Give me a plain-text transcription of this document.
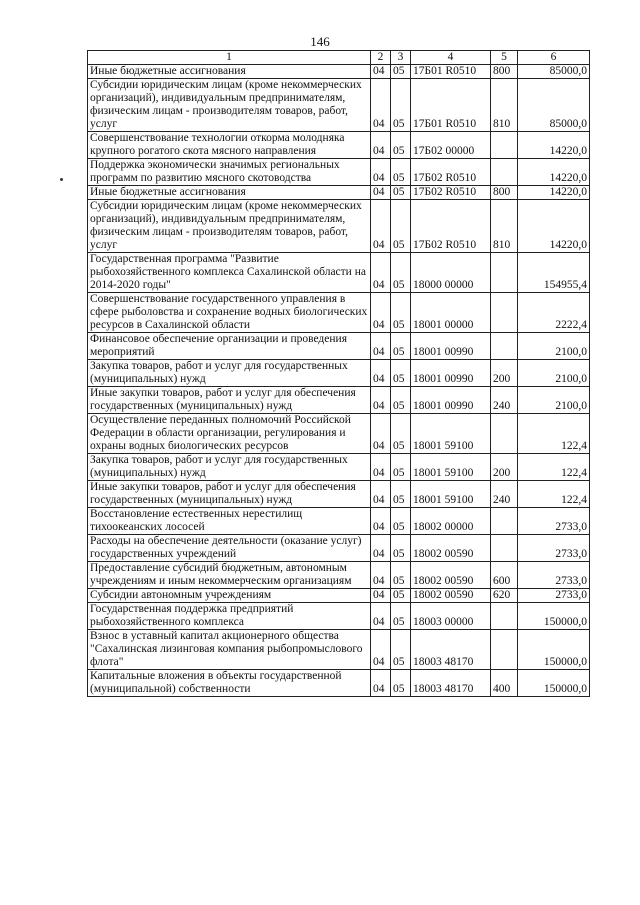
146
1	2	3	4	5	6
Иные бюджетные ассигнования	04	05	17Б01 R0510	800	85000,0
Субсидии юридическим лицам (кроме некоммерческих организаций), индивидуальным предпринимателям, физическим лицам - производителям товаров, работ, услуг	04	05	17Б01 R0510	810	85000,0
Совершенствование технологии откорма молодняка крупного рогатого скота мясного направления	04	05	17Б02 00000		14220,0
Поддержка экономически значимых региональных программ по развитию мясного скотоводства	04	05	17Б02 R0510		14220,0
Иные бюджетные ассигнования	04	05	17Б02 R0510	800	14220,0
Субсидии юридическим лицам (кроме некоммерческих организаций), индивидуальным предпринимателям, физическим лицам - производителям товаров, работ, услуг	04	05	17Б02 R0510	810	14220,0
Государственная программа "Развитие рыбохозяйственного комплекса Сахалинской области на 2014-2020 годы"	04	05	18000 00000		154955,4
Совершенствование государственного управления в сфере рыболовства и сохранение водных биологических ресурсов в Сахалинской области	04	05	18001 00000		2222,4
Финансовое обеспечение организации и проведения мероприятий	04	05	18001 00990		2100,0
Закупка товаров, работ и услуг для государственных (муниципальных) нужд	04	05	18001 00990	200	2100,0
Иные закупки товаров, работ и услуг для обеспечения государственных (муниципальных) нужд	04	05	18001 00990	240	2100,0
Осуществление переданных полномочий Российской Федерации в области организации, регулирования и охраны водных биологических ресурсов	04	05	18001 59100		122,4
Закупка товаров, работ и услуг для государственных (муниципальных) нужд	04	05	18001 59100	200	122,4
Иные закупки товаров, работ и услуг для обеспечения государственных (муниципальных) нужд	04	05	18001 59100	240	122,4
Восстановление естественных нерестилищ тихоокеанских лососей	04	05	18002 00000		2733,0
Расходы на обеспечение деятельности (оказание услуг) государственных учреждений	04	05	18002 00590		2733,0
Предоставление субсидий бюджетным, автономным учреждениям и иным некоммерческим организациям	04	05	18002 00590	600	2733,0
Субсидии автономным учреждениям	04	05	18002 00590	620	2733,0
Государственная поддержка предприятий рыбохозяйственного комплекса	04	05	18003 00000		150000,0
Взнос в уставный капитал акционерного общества "Сахалинская лизинговая компания рыбопромыслового флота"	04	05	18003 48170		150000,0
Капитальные вложения в объекты государственной (муниципальной) собственности	04	05	18003 48170	400	150000,0
